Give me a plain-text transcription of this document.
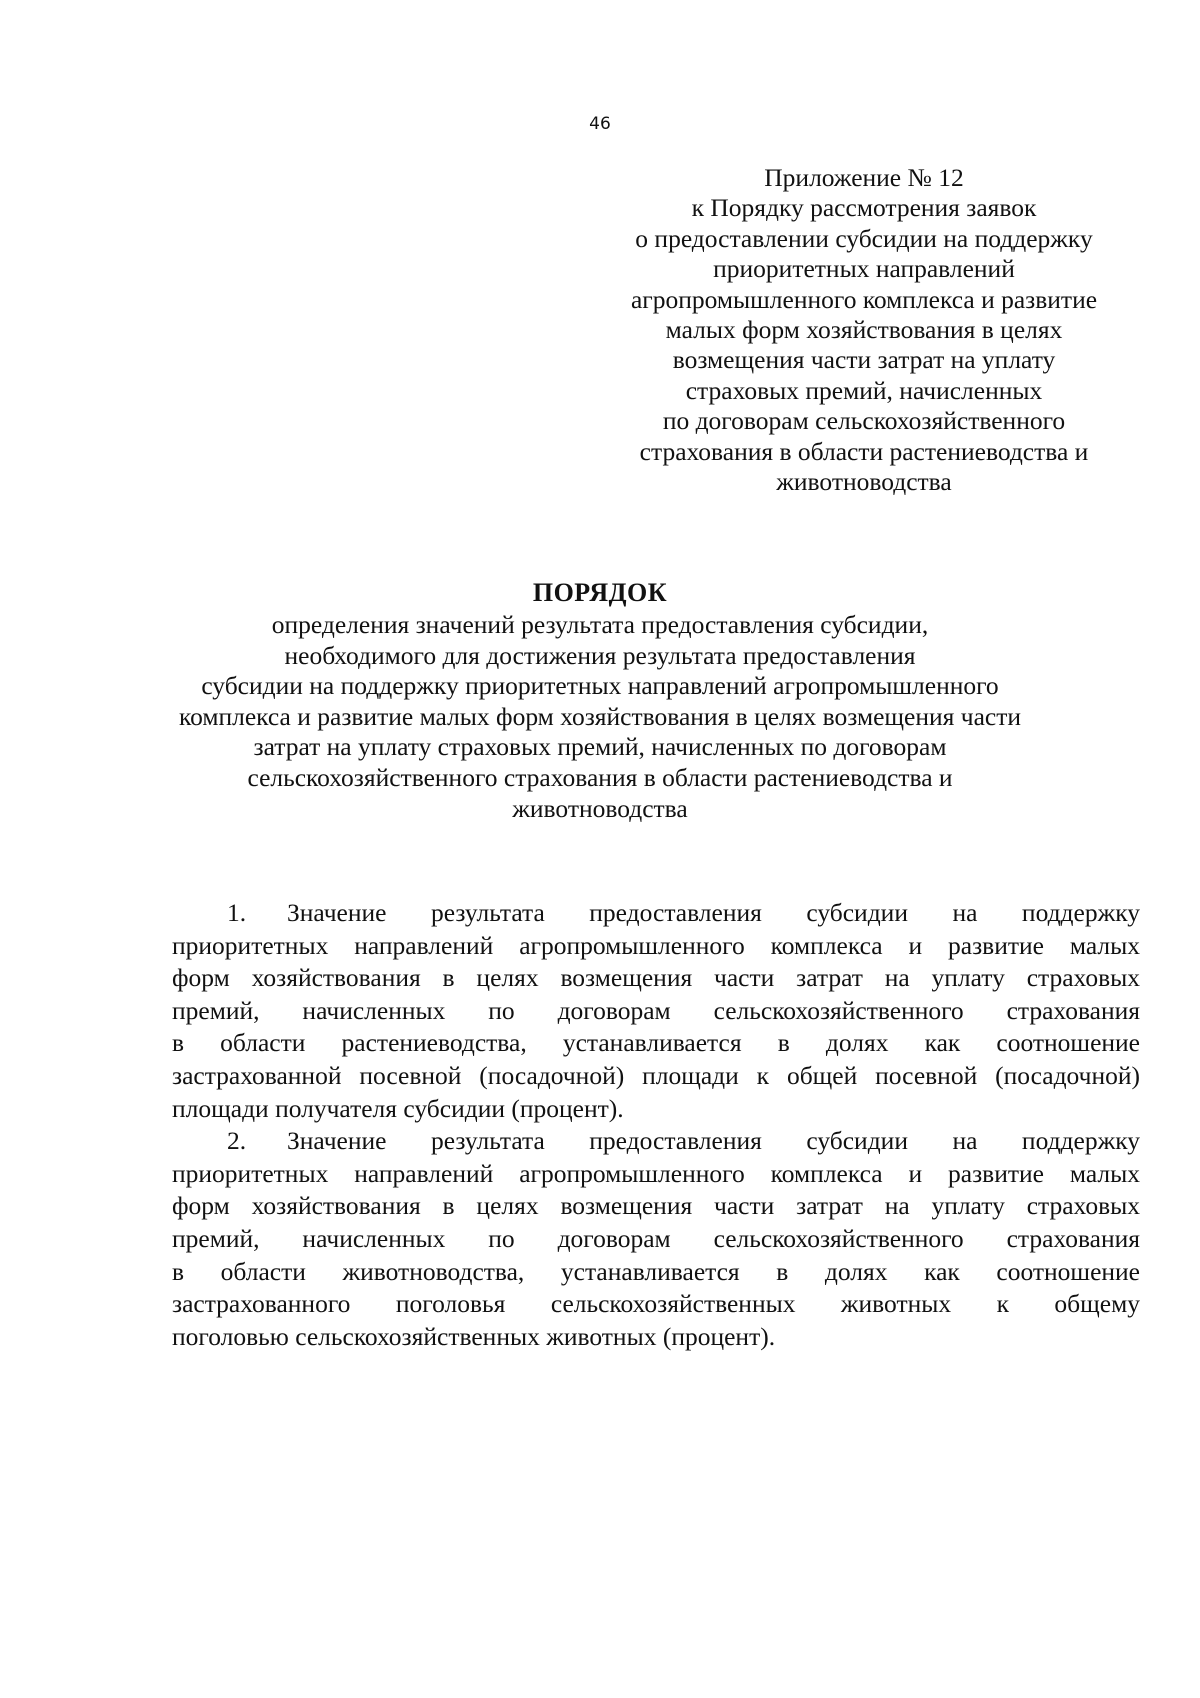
46
Приложение № 12
к Порядку рассмотрения заявок
о предоставлении субсидии на поддержку
приоритетных направлений
агропромышленного комплекса и развитие
малых форм хозяйствования в целях
возмещения части затрат на уплату
страховых премий, начисленных
по договорам сельскохозяйственного
страхования в области растениеводства и
животноводства
ПОРЯДОК
определения значений результата предоставления субсидии,
необходимого для достижения результата предоставления
субсидии на поддержку приоритетных направлений агропромышленного
комплекса и развитие малых форм хозяйствования в целях возмещения части
затрат на уплату страховых премий, начисленных по договорам
сельскохозяйственного страхования в области растениеводства и
животноводства
1. Значение результата предоставления субсидии на поддержку
приоритетных направлений агропромышленного комплекса и развитие малых
форм хозяйствования в целях возмещения части затрат на уплату страховых
премий, начисленных по договорам сельскохозяйственного страхования
в области растениеводства, устанавливается в долях как соотношение
застрахованной посевной (посадочной) площади к общей посевной (посадочной)
площади получателя субсидии (процент).
2. Значение результата предоставления субсидии на поддержку
приоритетных направлений агропромышленного комплекса и развитие малых
форм хозяйствования в целях возмещения части затрат на уплату страховых
премий, начисленных по договорам сельскохозяйственного страхования
в области животноводства, устанавливается в долях как соотношение
застрахованного поголовья сельскохозяйственных животных к общему
поголовью сельскохозяйственных животных (процент).
